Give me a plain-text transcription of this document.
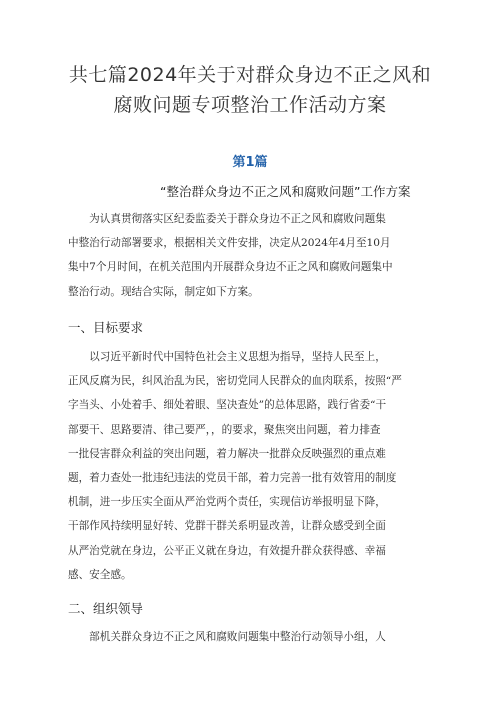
共七篇2024年关于对群众身边不正之风和
腐败问题专项整治工作活动方案
第1篇
“整治群众身边不正之风和腐败问题”工作方案
　　为认真贯彻落实区纪委监委关于群众身边不正之风和腐败问题集
中整治行动部署要求，根据相关文件安排，决定从2024年4月至10月
集中7个月时间，在机关范围内开展群众身边不正之风和腐败问题集中
整治行动。现结合实际，制定如下方案。
一、目标要求
　　以习近平新时代中国特色社会主义思想为指导，坚持人民至上，
正风反腐为民，纠风治乱为民，密切党同人民群众的血肉联系，按照“严
字当头、小处着手、细处着眼、坚决查处”的总体思路，践行省委“干
部要干、思路要清、律己要严，，的要求，聚焦突出问题，着力排查
一批侵害群众利益的突出问题，着力解决一批群众反映强烈的重点难
题，着力查处一批违纪违法的党员干部，着力完善一批有效管用的制度
机制，进一步压实全面从严治党两个责任，实现信访举报明显下降，
干部作风持续明显好转、党群干群关系明显改善，让群众感受到全面
从严治党就在身边，公平正义就在身边，有效提升群众获得感、幸福
感、安全感。
二、组织领导
　　部机关群众身边不正之风和腐败问题集中整治行动领导小组，人
